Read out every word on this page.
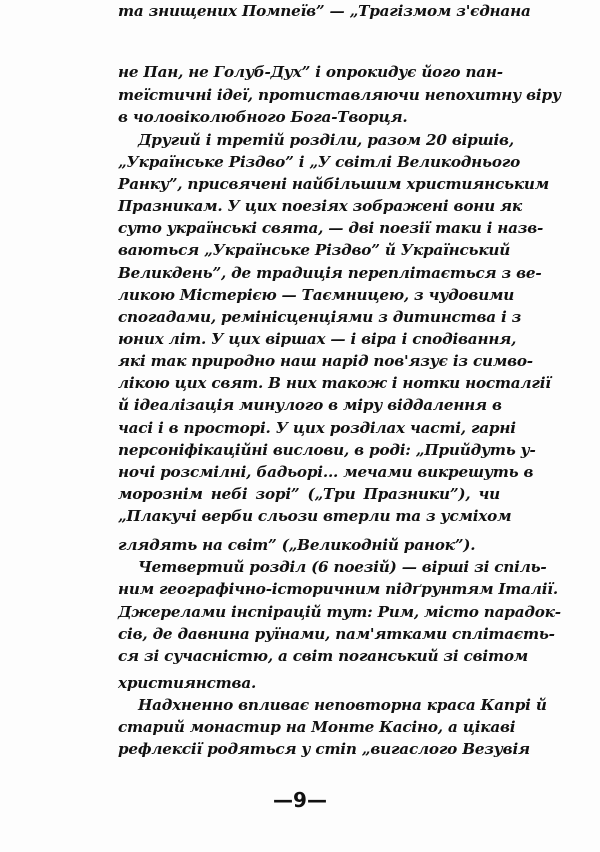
не Пан, не Голуб-Дух” і опрокидує його пан-
теїстичні ідеї, протиставляючи непохитну віру
в чоловіколюбного Бога-Творця.
Другий і третій розділи, разом 20 віршів,
„Українське Різдво” і „У світлі Великоднього
Ранку”, присвячені найбільшим християнським
Празникам. У цих поезіях зображені вони як
суто українські свята, — дві поезії таки і назв-
ваються „Українське Різдво” й Український
Великдень”, де традиція переплітається з ве-
ликою Містерією — Таємницею, з чудовими
спогадами, ремінісценціями з дитинства і з
юних літ. У цих віршах — і віра і сподівання,
які так природно наш нарід пов'язує із симво-
лікою цих свят. В них також і нотки носталгії
й ідеалізація минулого в міру віддалення в
часі і в просторі. У цих розділах часті, гарні
персоніфікаційні вислови, в роді: „Прийдуть у-
ночі розсмілні, бадьорі... мечами викрешуть в
морознім небі зорі” („Три Празники”), чи
„Плакучі верби сльози втерли та з усміхом
глядять на світ” („Великодній ранок”).
Четвертий розділ (6 поезій) — вірші зі спіль-
ним географічно-історичним підґрунтям Італії.
Джерелами інспірацій тут: Рим, місто парадок-
сів, де давнина руїнами, пам'ятками сплітаєть-
ся зі сучасністю, а світ поганський зі світом
християнства.
Надхненно впливає неповторна краса Капрі й
старий монастир на Монте Касіно, а цікаві
рефлексії родяться у стіп „вигаслого Везувія
та знищених Помпеїв” — „Трагізмом з'єднана
—9—
